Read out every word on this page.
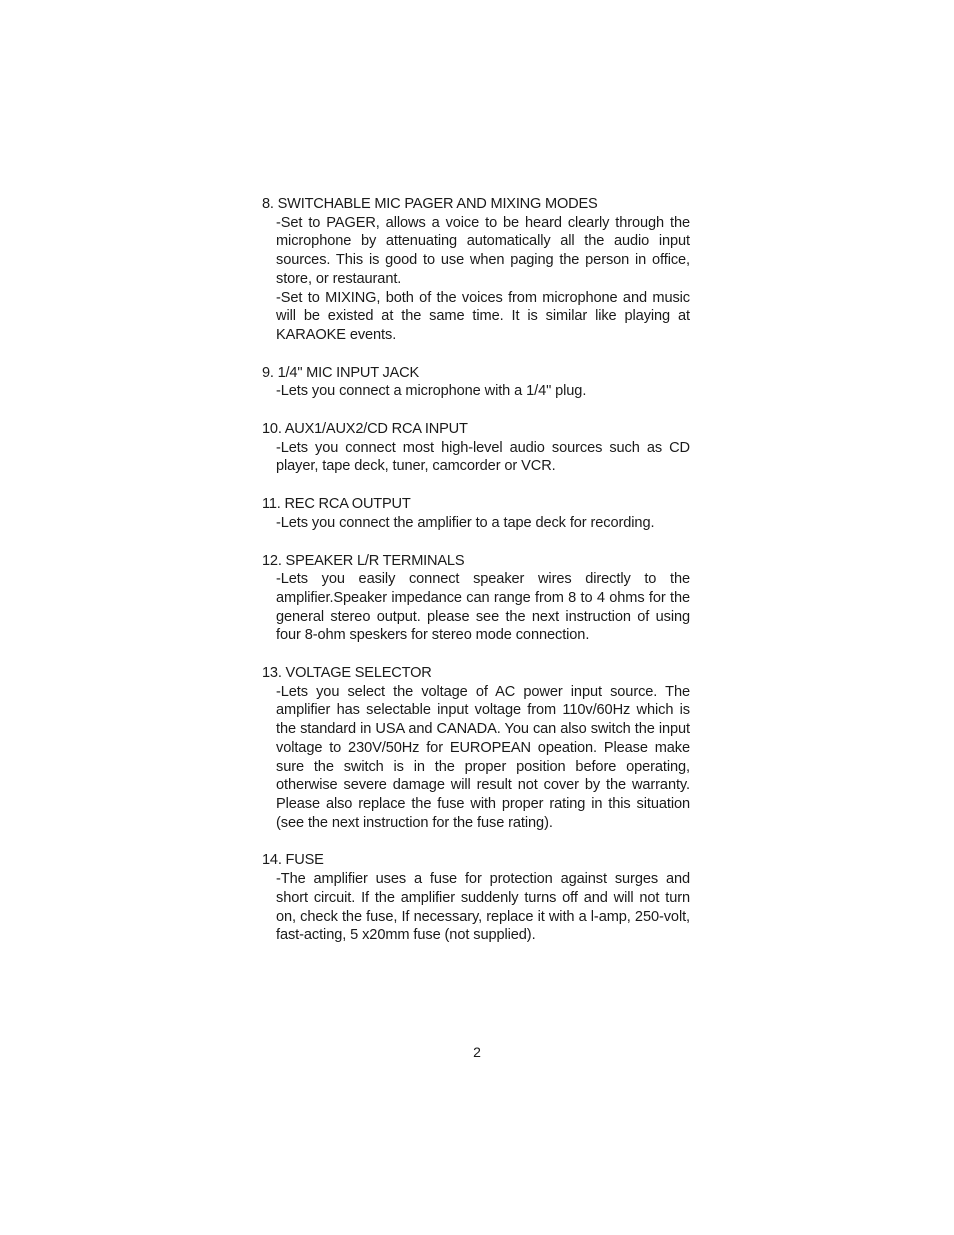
8. SWITCHABLE MIC PAGER AND MIXING MODES
-Set to PAGER, allows a voice to be heard clearly through the microphone by attenuating automatically all the audio input sources. This is good to use when paging the person in office, store, or restaurant.
-Set to MIXING, both of the voices from microphone and music will be existed at the same time. It is similar like playing at KARAOKE events.
9. 1/4" MIC INPUT JACK
-Lets you connect a microphone with a 1/4" plug.
10. AUX1/AUX2/CD RCA INPUT
-Lets you connect most high-level audio sources such as CD player, tape deck, tuner, camcorder or VCR.
11. REC RCA OUTPUT
-Lets you connect the amplifier to a tape deck for recording.
12. SPEAKER L/R TERMINALS
-Lets you easily connect speaker wires directly to the amplifier.Speaker impedance can range from 8 to 4 ohms for the general stereo output. please see the next instruction of using four 8-ohm speskers for stereo mode connection.
13. VOLTAGE SELECTOR
-Lets you select the voltage of AC power input source. The amplifier has selectable input voltage from 110v/60Hz which is the standard in USA and CANADA. You can also switch the input voltage to 230V/50Hz for EUROPEAN opeation. Please make sure the switch is in the proper position before operating, otherwise severe damage will result not cover by the warranty. Please also replace the fuse with proper rating in this situation (see the next instruction for the fuse rating).
14. FUSE
-The amplifier uses a fuse for protection against surges and short circuit. If the amplifier suddenly turns off and will not turn on, check the fuse, If necessary, replace it with a l-amp, 250-volt, fast-acting, 5 x20mm fuse (not supplied).
2
